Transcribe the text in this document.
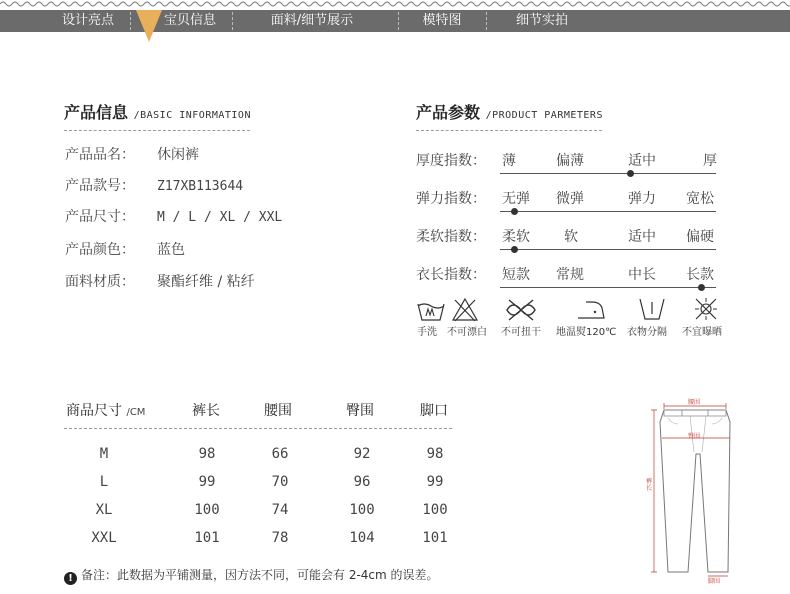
设计亮点	宝贝信息	面料/细节展示	模特图	细节实拍
产品信息 /BASIC INFORMATION
产品品名： 休闲裤
产品款号： Z17XB113644
产品尺寸： M / L / XL / XXL
产品颜色： 蓝色
面料材质： 聚酯纤维 / 粘纤
产品参数 /PRODUCT PARMETERS
厚度指数： 薄	偏薄	适中	厚
弹力指数： 无弹 微弹	弹力 宽松
柔软指数： 柔软 软	适中 偏硬
衣长指数： 短款 常规	中长 长款
手洗 不可漂白 不可扭干 地温熨120℃ 衣物分隔 不宜曝晒
商品尺寸 /CM	裤长	腰围	臀围	脚口
M	98	66	92	98
L	99	70	96	99
XL	100	74	100	100
XXL	101	78	104	101
! 备注：此数据为平铺测量，因方法不同，可能会有 2-4cm 的误差。
腰围
臀围
裤长
脚围
